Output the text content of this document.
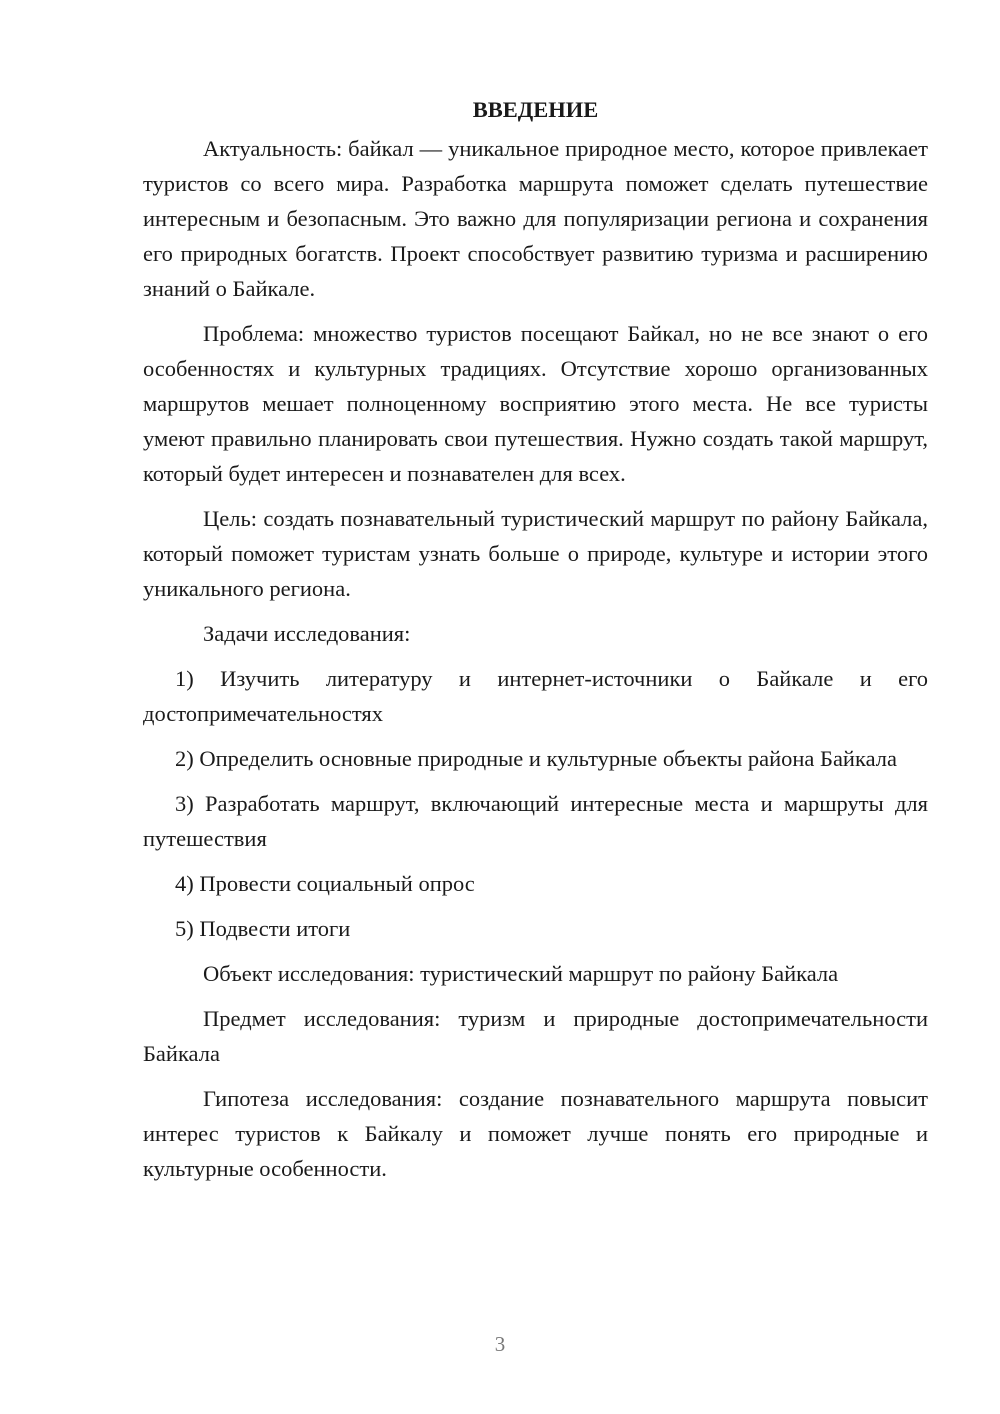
ВВЕДЕНИЕ

Актуальность: байкал — уникальное природное место, которое привлекает туристов со всего мира. Разработка маршрута поможет сделать путешествие интересным и безопасным. Это важно для популяризации региона и сохранения его природных богатств. Проект способствует развитию туризма и расширению знаний о Байкале.

Проблема: множество туристов посещают Байкал, но не все знают о его особенностях и культурных традициях. Отсутствие хорошо организованных маршрутов мешает полноценному восприятию этого места. Не все туристы умеют правильно планировать свои путешествия. Нужно создать такой маршрут, который будет интересен и познавателен для всех.

Цель: создать познавательный туристический маршрут по району Байкала, который поможет туристам узнать больше о природе, культуре и истории этого уникального региона.

Задачи исследования:

1) Изучить литературу и интернет-источники о Байкале и его достопримечательностях

2) Определить основные природные и культурные объекты района Байкала

3) Разработать маршрут, включающий интересные места и маршруты для путешествия

4) Провести социальный опрос

5) Подвести итоги

Объект исследования: туристический маршрут по району Байкала

Предмет исследования: туризм и природные достопримечательности Байкала

Гипотеза исследования: создание познавательного маршрута повысит интерес туристов к Байкалу и поможет лучше понять его природные и культурные особенности.

3
